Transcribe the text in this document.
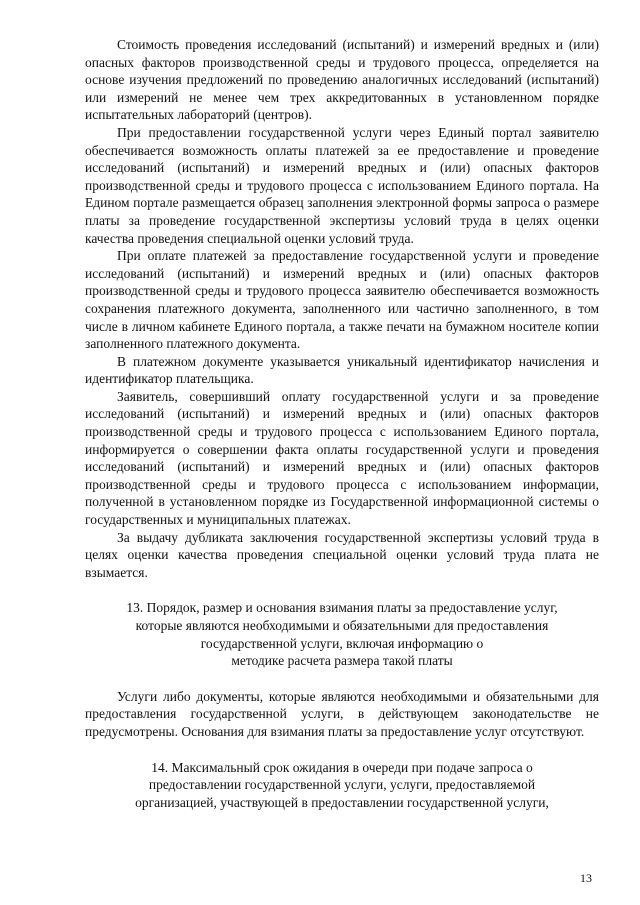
Стоимость проведения исследований (испытаний) и измерений вредных и (или) опасных факторов производственной среды и трудового процесса, определяется на основе изучения предложений по проведению аналогичных исследований (испытаний) или измерений не менее чем трех аккредитованных в установленном порядке испытательных лабораторий (центров).

При предоставлении государственной услуги через Единый портал заявителю обеспечивается возможность оплаты платежей за ее предоставление и проведение исследований (испытаний) и измерений вредных и (или) опасных факторов производственной среды и трудового процесса с использованием Единого портала. На Едином портале размещается образец заполнения электронной формы запроса о размере платы за проведение государственной экспертизы условий труда в целях оценки качества проведения специальной оценки условий труда.

При оплате платежей за предоставление государственной услуги и проведение исследований (испытаний) и измерений вредных и (или) опасных факторов производственной среды и трудового процесса заявителю обеспечивается возможность сохранения платежного документа, заполненного или частично заполненного, в том числе в личном кабинете Единого портала, а также печати на бумажном носителе копии заполненного платежного документа.

В платежном документе указывается уникальный идентификатор начисления и идентификатор плательщика.

Заявитель, совершивший оплату государственной услуги и за проведение исследований (испытаний) и измерений вредных и (или) опасных факторов производственной среды и трудового процесса с использованием Единого портала, информируется о совершении факта оплаты государственной услуги и проведения исследований (испытаний) и измерений вредных и (или) опасных факторов производственной среды и трудового процесса с использованием информации, полученной в установленном порядке из Государственной информационной системы о государственных и муниципальных платежах.

За выдачу дубликата заключения государственной экспертизы условий труда в целях оценки качества проведения специальной оценки условий труда плата не взымается.

13. Порядок, размер и основания взимания платы за предоставление услуг,
которые являются необходимыми и обязательными для предоставления
государственной услуги, включая информацию о
методике расчета размера такой платы

Услуги либо документы, которые являются необходимыми и обязательными для предоставления государственной услуги, в действующем законодательстве не предусмотрены. Основания для взимания платы за предоставление услуг отсутствуют.

14. Максимальный срок ожидания в очереди при подаче запроса о
предоставлении государственной услуги, услуги, предоставляемой
организацией, участвующей в предоставлении государственной услуги,
13
